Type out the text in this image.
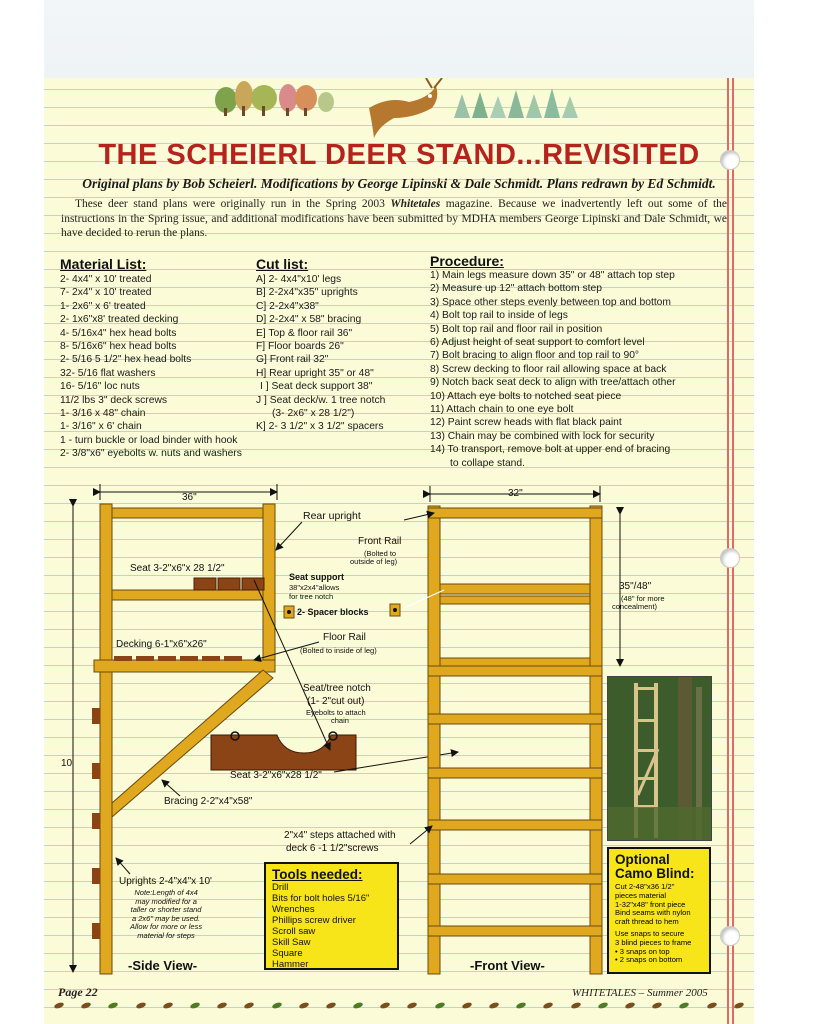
THE SCHEIERL DEER STAND...REVISITED
Original plans by Bob Scheierl. Modifications by George Lipinski & Dale Schmidt. Plans redrawn by Ed Schmidt.
These deer stand plans were originally run in the Spring 2003 Whitetales magazine. Because we inadvertently left out some of the instructions in the Spring issue, and additional modifications have been submitted by MDHA members George Lipinski and Dale Schmidt, we have decided to rerun the plans.
Material List:
2- 4x4" x 10' treated
7- 2x4" x 10' treated
1- 2x6" x 6' treated
2- 1x6"x8' treated decking
4- 5/16x4" hex head bolts
8- 5/16x6" hex head bolts
2- 5/16 5 1/2" hex head bolts
32- 5/16 flat washers
16- 5/16" loc nuts
11/2 lbs 3" deck screws
1- 3/16 x 48" chain
1- 3/16" x 6' chain
1 - turn buckle or load binder with hook
2- 3/8"x6" eyebolts w. nuts and washers
Cut list:
A] 2- 4x4"x10' legs
B] 2-2x4"x35" uprights
C] 2-2x4"x38"
D] 2-2x4" x 58" bracing
E] Top & floor rail 36"
F] Floor boards 26"
G] Front rail 32"
H] Rear upright 35" or 48"
I ] Seat deck support 38"
J ] Seat deck/w. 1 tree notch
(3- 2x6" x 28 1/2")
K] 2- 3 1/2" x 3 1/2" spacers
Procedure:
1) Main legs measure down 35" or 48" attach top step
2) Measure up 12" attach bottom step
3) Space other steps evenly between top and bottom
4) Bolt top rail to inside of legs
5) Bolt top rail and floor rail in position
6) Adjust height of seat support to comfort level
7) Bolt bracing to align floor and top rail to 90°
8) Screw decking to floor rail allowing space at back
9) Notch back seat deck to align with tree/attach other
10) Attach eye bolts to notched seat piece
11) Attach chain to one eye bolt
12) Paint screw heads with flat black paint
13) Chain may be combined with lock for security
14) To transport, remove bolt at upper end of bracing
to collape stand.
36"
10'
Rear upright
Seat 3-2"x6"x 28 1/2"
Seat support
38"x2x4"allows
for tree notch
2- Spacer blocks
Decking 6-1"x6"x26"
Floor Rail
(Bolted to inside of leg)
Seat/tree notch
(1- 2"cut out)
Eyebolts to attach
chain
Seat 3-2"x6"x28 1/2"
Bracing 2-2"x4"x58"
Uprights 2-4"x4"x 10'
Note:Length of 4x4
may modified for a
taller or shorter stand
a 2x6" may be used.
Allow for more or less
material for steps
-Side View-
32"
Front Rail
(Bolted to
outside of leg)
35"/48"
(48" for more
concealment)
2"x4" steps attached with
deck 6 -1 1/2"screws
-Front View-
Tools needed:
Drill
Bits for bolt holes 5/16"
Wrenches
Phillips screw driver
Scroll saw
Skill Saw
Square
Hammer
Optional
Camo Blind:
Cut 2-48"x36 1/2"
pieces material
1-32"x48" front piece
Bind seams with nylon
craft thread to hem
Use snaps to secure
3 blind pieces to frame
• 3 snaps on top
• 2 snaps on bottom
Page 22	WHITETALES – Summer 2005
